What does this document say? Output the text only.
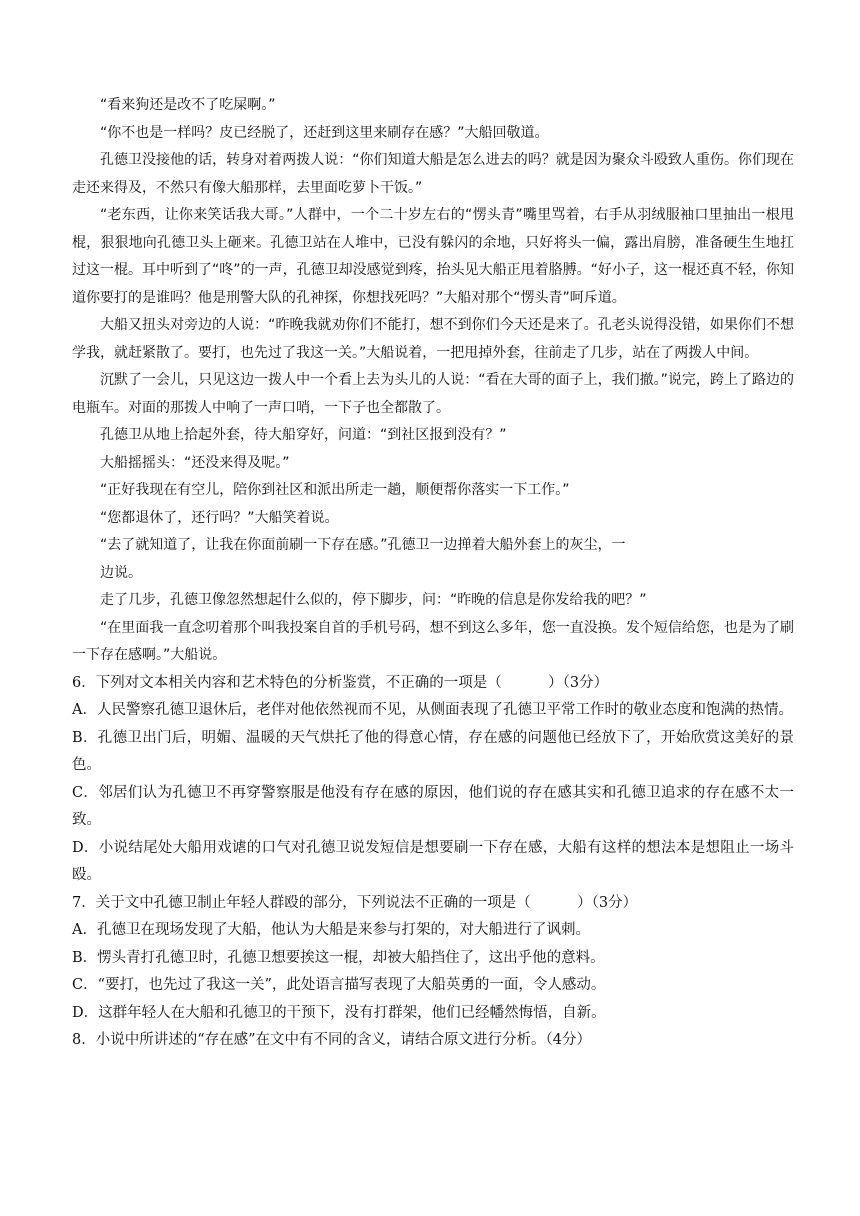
“看来狗还是改不了吃屎啊。”

“你不也是一样吗？皮已经脱了，还赶到这里来刷存在感？”大船回敬道。

孔德卫没接他的话，转身对着两拨人说：“你们知道大船是怎么进去的吗？就是因为聚众斗殴致人重伤。你们现在走还来得及，不然只有像大船那样，去里面吃萝卜干饭。”

“老东西，让你来笑话我大哥。”人群中，一个二十岁左右的“愣头青”嘴里骂着，右手从羽绒服袖口里抽出一根甩棍，狠狠地向孔德卫头上砸来。孔德卫站在人堆中，已没有躲闪的余地，只好将头一偏，露出肩膀，准备硬生生地扛过这一棍。耳中听到了“咚”的一声，孔德卫却没感觉到疼，抬头见大船正甩着胳膊。“好小子，这一棍还真不轻，你知道你要打的是谁吗？他是刑警大队的孔神探，你想找死吗？”大船对那个“愣头青”呵斥道。

大船又扭头对旁边的人说：“昨晚我就劝你们不能打，想不到你们今天还是来了。孔老头说得没错，如果你们不想学我，就赶紧散了。要打，也先过了我这一关。”大船说着，一把甩掉外套，往前走了几步，站在了两拨人中间。

沉默了一会儿，只见这边一拨人中一个看上去为头儿的人说：“看在大哥的面子上，我们撤。”说完，跨上了路边的电瓶车。对面的那拨人中响了一声口哨，一下子也全都散了。

孔德卫从地上拾起外套，待大船穿好，问道：“到社区报到没有？”

大船摇摇头：“还没来得及呢。”

“正好我现在有空儿，陪你到社区和派出所走一趟，顺便帮你落实一下工作。”

“您都退休了，还行吗？”大船笑着说。

“去了就知道了，让我在你面前刷一下存在感。”孔德卫一边掸着大船外套上的灰尘，一

边说。

走了几步，孔德卫像忽然想起什么似的，停下脚步，问：“昨晚的信息是你发给我的吧？”

“在里面我一直念叨着那个叫我投案自首的手机号码，想不到这么多年，您一直没换。发个短信给您，也是为了刷一下存在感啊。”大船说。

6．下列对文本相关内容和艺术特色的分析鉴赏，不正确的一项是（	）（3分）

A．人民警察孔德卫退休后，老伴对他依然视而不见，从侧面表现了孔德卫平常工作时的敬业态度和饱满的热情。

B．孔德卫出门后，明媚、温暖的天气烘托了他的得意心情，存在感的问题他已经放下了，开始欣赏这美好的景色。

C．邻居们认为孔德卫不再穿警察服是他没有存在感的原因，他们说的存在感其实和孔德卫追求的存在感不太一致。

D．小说结尾处大船用戏谑的口气对孔德卫说发短信是想要刷一下存在感，大船有这样的想法本是想阻止一场斗殴。

7．关于文中孔德卫制止年轻人群殴的部分，下列说法不正确的一项是（	）（3分）

A．孔德卫在现场发现了大船，他认为大船是来参与打架的，对大船进行了讽刺。

B．愣头青打孔德卫时，孔德卫想要挨这一棍，却被大船挡住了，这出乎他的意料。

C．“要打，也先过了我这一关”，此处语言描写表现了大船英勇的一面，令人感动。

D．这群年轻人在大船和孔德卫的干预下，没有打群架，他们已经幡然悔悟，自新。

8．小说中所讲述的“存在感”在文中有不同的含义，请结合原文进行分析。（4分）
